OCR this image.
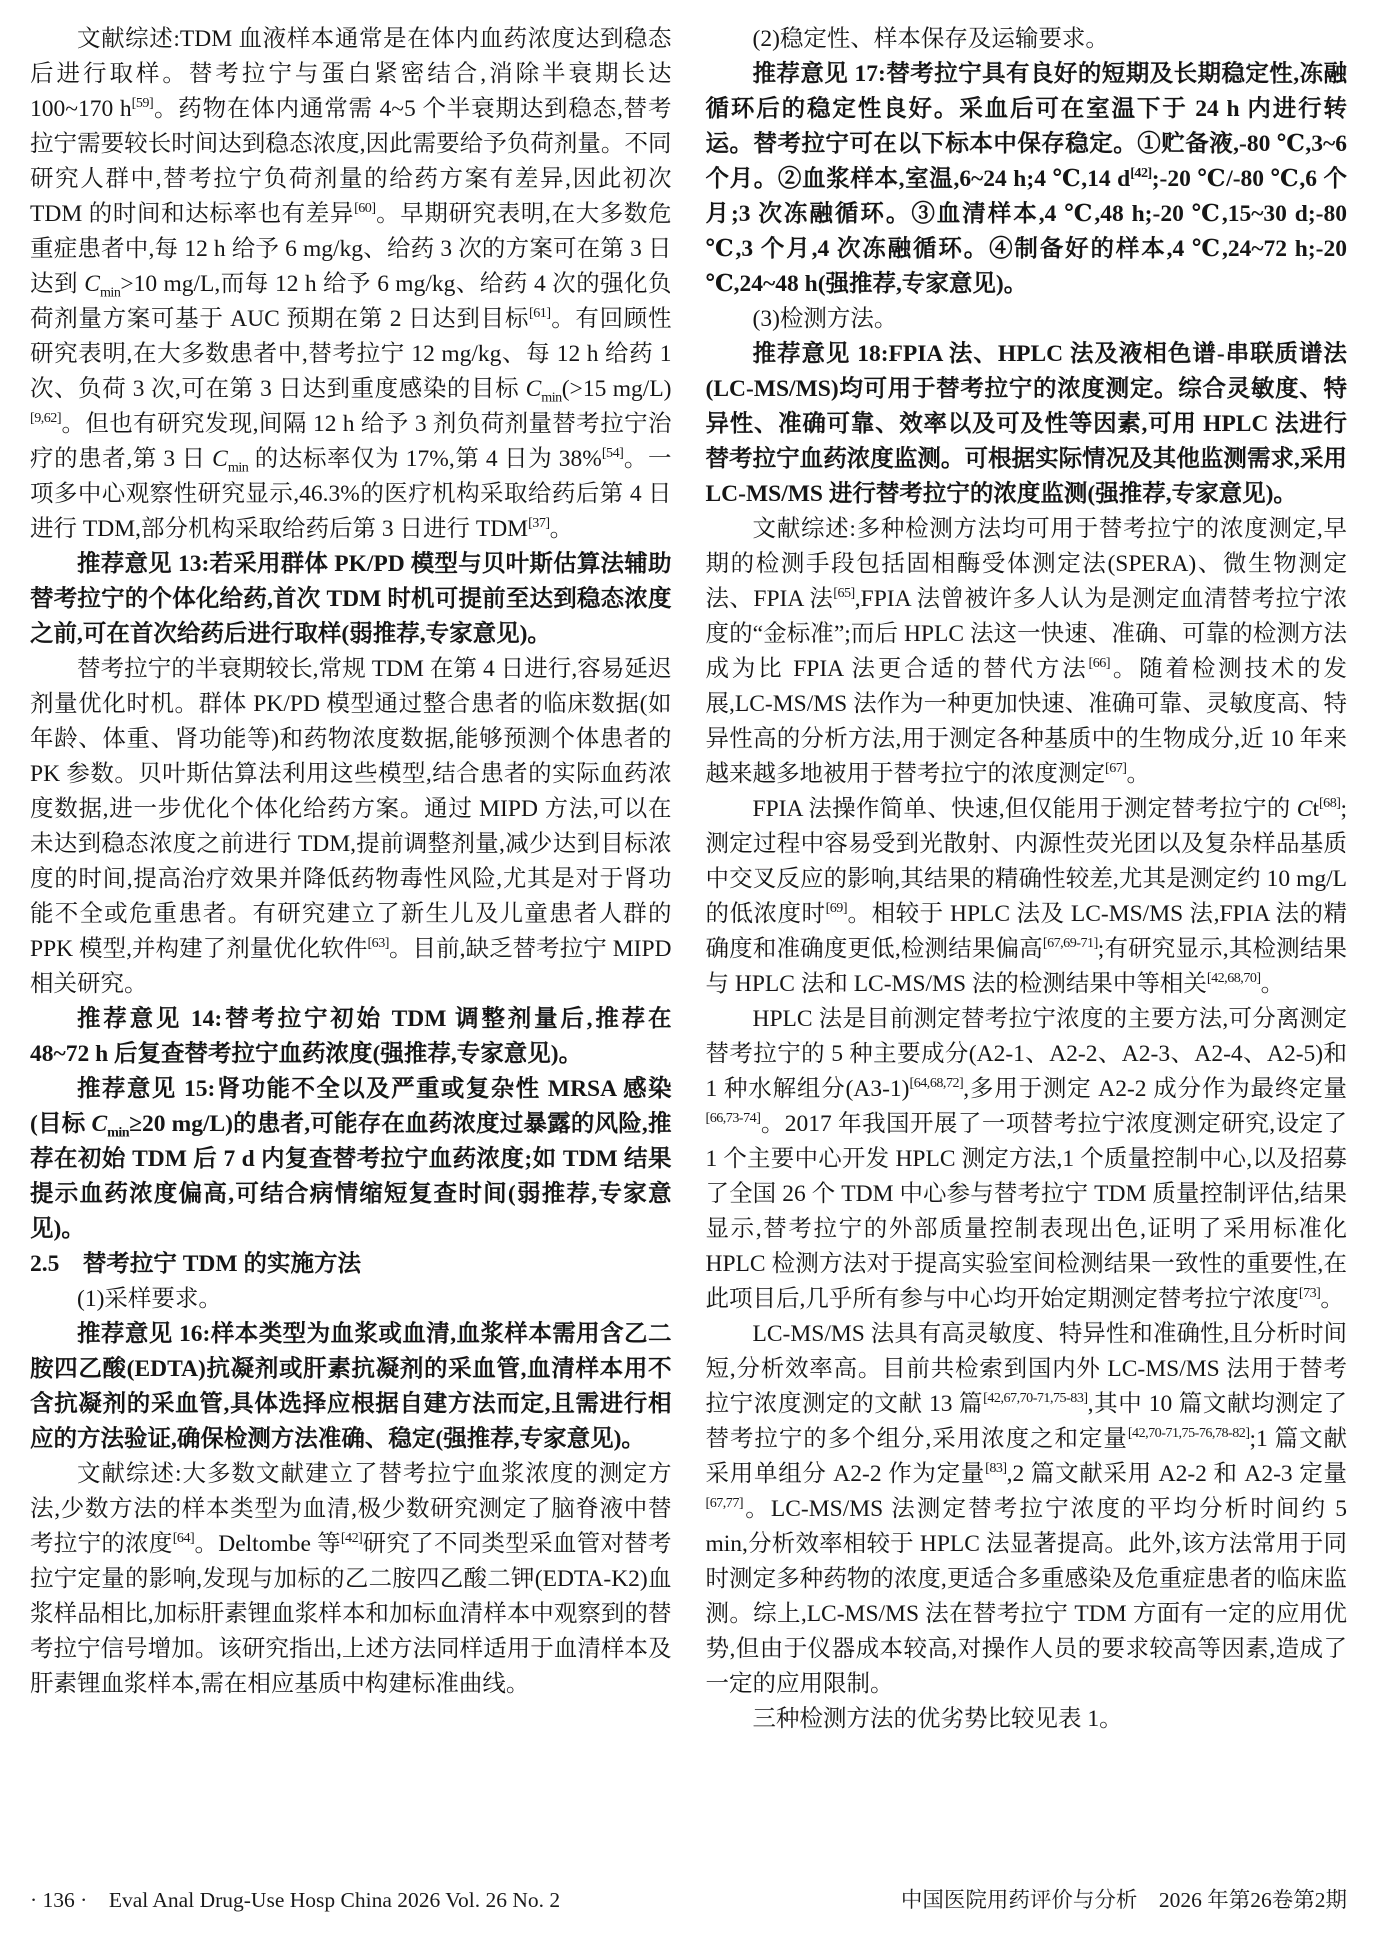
文献综述:TDM 血液样本通常是在体内血药浓度达到稳态后进行取样。替考拉宁与蛋白紧密结合,消除半衰期长达 100~170 h[59]。药物在体内通常需 4~5 个半衰期达到稳态,替考拉宁需要较长时间达到稳态浓度,因此需要给予负荷剂量。不同研究人群中,替考拉宁负荷剂量的给药方案有差异,因此初次 TDM 的时间和达标率也有差异[60]。早期研究表明,在大多数危重症患者中,每 12 h 给予 6 mg/kg、给药 3 次的方案可在第 3 日达到 $C_{min}>10$ mg/L,而每 12 h 给予 6 mg/kg、给药 4 次的强化负荷剂量方案可基于 AUC 预期在第 2 日达到目标[61]。有回顾性研究表明,在大多数患者中,替考拉宁 12 mg/kg、每 12 h 给药 1 次、负荷 3 次,可在第 3 日达到重度感染的目标 $C_{min}(>15$ mg/L)[9,62]。但也有研究发现,间隔 12 h 给予 3 剂负荷剂量替考拉宁治疗的患者,第 3 日 $C_{min}$ 的达标率仅为 17%,第 4 日为 38%[54]。一项多中心观察性研究显示,46.3%的医疗机构采取给药后第 4 日进行 TDM,部分机构采取给药后第 3 日进行 TDM[37]。

推荐意见 13:若采用群体 PK/PD 模型与贝叶斯估算法辅助替考拉宁的个体化给药,首次 TDM 时机可提前至达到稳态浓度之前,可在首次给药后进行取样(弱推荐,专家意见)。

替考拉宁的半衰期较长,常规 TDM 在第 4 日进行,容易延迟剂量优化时机。群体 PK/PD 模型通过整合患者的临床数据(如年龄、体重、肾功能等)和药物浓度数据,能够预测个体患者的 PK 参数。贝叶斯估算法利用这些模型,结合患者的实际血药浓度数据,进一步优化个体化给药方案。通过 MIPD 方法,可以在未达到稳态浓度之前进行 TDM,提前调整剂量,减少达到目标浓度的时间,提高治疗效果并降低药物毒性风险,尤其是对于肾功能不全或危重患者。有研究建立了新生儿及儿童患者人群的 PPK 模型,并构建了剂量优化软件[63]。目前,缺乏替考拉宁 MIPD 相关研究。

推荐意见 14:替考拉宁初始 TDM 调整剂量后,推荐在 48~72 h 后复查替考拉宁血药浓度(强推荐,专家意见)。

推荐意见 15:肾功能不全以及严重或复杂性 MRSA 感染(目标 $C_{min}\ge 20$ mg/L)的患者,可能存在血药浓度过暴露的风险,推荐在初始 TDM 后 7 d 内复查替考拉宁血药浓度;如 TDM 结果提示血药浓度偏高,可结合病情缩短复查时间(弱推荐,专家意见)。

2.5　替考拉宁 TDM 的实施方法

(1)采样要求。

推荐意见 16:样本类型为血浆或血清,血浆样本需用含乙二胺四乙酸(EDTA)抗凝剂或肝素抗凝剂的采血管,血清样本用不含抗凝剂的采血管,具体选择应根据自建方法而定,且需进行相应的方法验证,确保检测方法准确、稳定(强推荐,专家意见)。

文献综述:大多数文献建立了替考拉宁血浆浓度的测定方法,少数方法的样本类型为血清,极少数研究测定了脑脊液中替考拉宁的浓度[64]。Deltombe 等[42]研究了不同类型采血管对替考拉宁定量的影响,发现与加标的乙二胺四乙酸二钾(EDTA-K2)血浆样品相比,加标肝素锂血浆样本和加标血清样本中观察到的替考拉宁信号增加。该研究指出,上述方法同样适用于血清样本及肝素锂血浆样本,需在相应基质中构建标准曲线。

(2)稳定性、样本保存及运输要求。

推荐意见 17:替考拉宁具有良好的短期及长期稳定性,冻融循环后的稳定性良好。采血后可在室温下于 24 h 内进行转运。替考拉宁可在以下标本中保存稳定。①贮备液,-80 ℃,3~6 个月。②血浆样本,室温,6~24 h;4 ℃,14 d[42];-20 ℃/-80 ℃,6 个月;3 次冻融循环。③血清样本,4 ℃,48 h;-20 ℃,15~30 d;-80 ℃,3 个月,4 次冻融循环。④制备好的样本,4 ℃,24~72 h;-20 ℃,24~48 h(强推荐,专家意见)。

(3)检测方法。

推荐意见 18:FPIA 法、HPLC 法及液相色谱-串联质谱法(LC-MS/MS)均可用于替考拉宁的浓度测定。综合灵敏度、特异性、准确可靠、效率以及可及性等因素,可用 HPLC 法进行替考拉宁血药浓度监测。可根据实际情况及其他监测需求,采用 LC-MS/MS 进行替考拉宁的浓度监测(强推荐,专家意见)。

文献综述:多种检测方法均可用于替考拉宁的浓度测定,早期的检测手段包括固相酶受体测定法(SPERA)、微生物测定法、FPIA 法[65],FPIA 法曾被许多人认为是测定血清替考拉宁浓度的“金标准”;而后 HPLC 法这一快速、准确、可靠的检测方法成为比 FPIA 法更合适的替代方法[66]。随着检测技术的发展,LC-MS/MS 法作为一种更加快速、准确可靠、灵敏度高、特异性高的分析方法,用于测定各种基质中的生物成分,近 10 年来越来越多地被用于替考拉宁的浓度测定[67]。

FPIA 法操作简单、快速,但仅能用于测定替考拉宁的 Ct[68];测定过程中容易受到光散射、内源性荧光团以及复杂样品基质中交叉反应的影响,其结果的精确性较差,尤其是测定约 10 mg/L 的低浓度时[69]。相较于 HPLC 法及 LC-MS/MS 法,FPIA 法的精确度和准确度更低,检测结果偏高[67,69-71];有研究显示,其检测结果与 HPLC 法和 LC-MS/MS 法的检测结果中等相关[42,68,70]。

HPLC 法是目前测定替考拉宁浓度的主要方法,可分离测定替考拉宁的 5 种主要成分(A2-1、A2-2、A2-3、A2-4、A2-5)和 1 种水解组分(A3-1)[64,68,72],多用于测定 A2-2 成分作为最终定量[66,73-74]。2017 年我国开展了一项替考拉宁浓度测定研究,设定了 1 个主要中心开发 HPLC 测定方法,1 个质量控制中心,以及招募了全国 26 个 TDM 中心参与替考拉宁 TDM 质量控制评估,结果显示,替考拉宁的外部质量控制表现出色,证明了采用标准化 HPLC 检测方法对于提高实验室间检测结果一致性的重要性,在此项目后,几乎所有参与中心均开始定期测定替考拉宁浓度[73]。

LC-MS/MS 法具有高灵敏度、特异性和准确性,且分析时间短,分析效率高。目前共检索到国内外 LC-MS/MS 法用于替考拉宁浓度测定的文献 13 篇[42,67,70-71,75-83],其中 10 篇文献均测定了替考拉宁的多个组分,采用浓度之和定量[42,70-71,75-76,78-82];1 篇文献采用单组分 A2-2 作为定量[83],2 篇文献采用 A2-2 和 A2-3 定量[67,77]。LC-MS/MS 法测定替考拉宁浓度的平均分析时间约 5 min,分析效率相较于 HPLC 法显著提高。此外,该方法常用于同时测定多种药物的浓度,更适合多重感染及危重症患者的临床监测。综上,LC-MS/MS 法在替考拉宁 TDM 方面有一定的应用优势,但由于仪器成本较高,对操作人员的要求较高等因素,造成了一定的应用限制。

三种检测方法的优劣势比较见表 1。

· 136 ·　Eval Anal Drug-Use Hosp China 2026 Vol. 26 No. 2	中国医院用药评价与分析　2026 年第26卷第2期
